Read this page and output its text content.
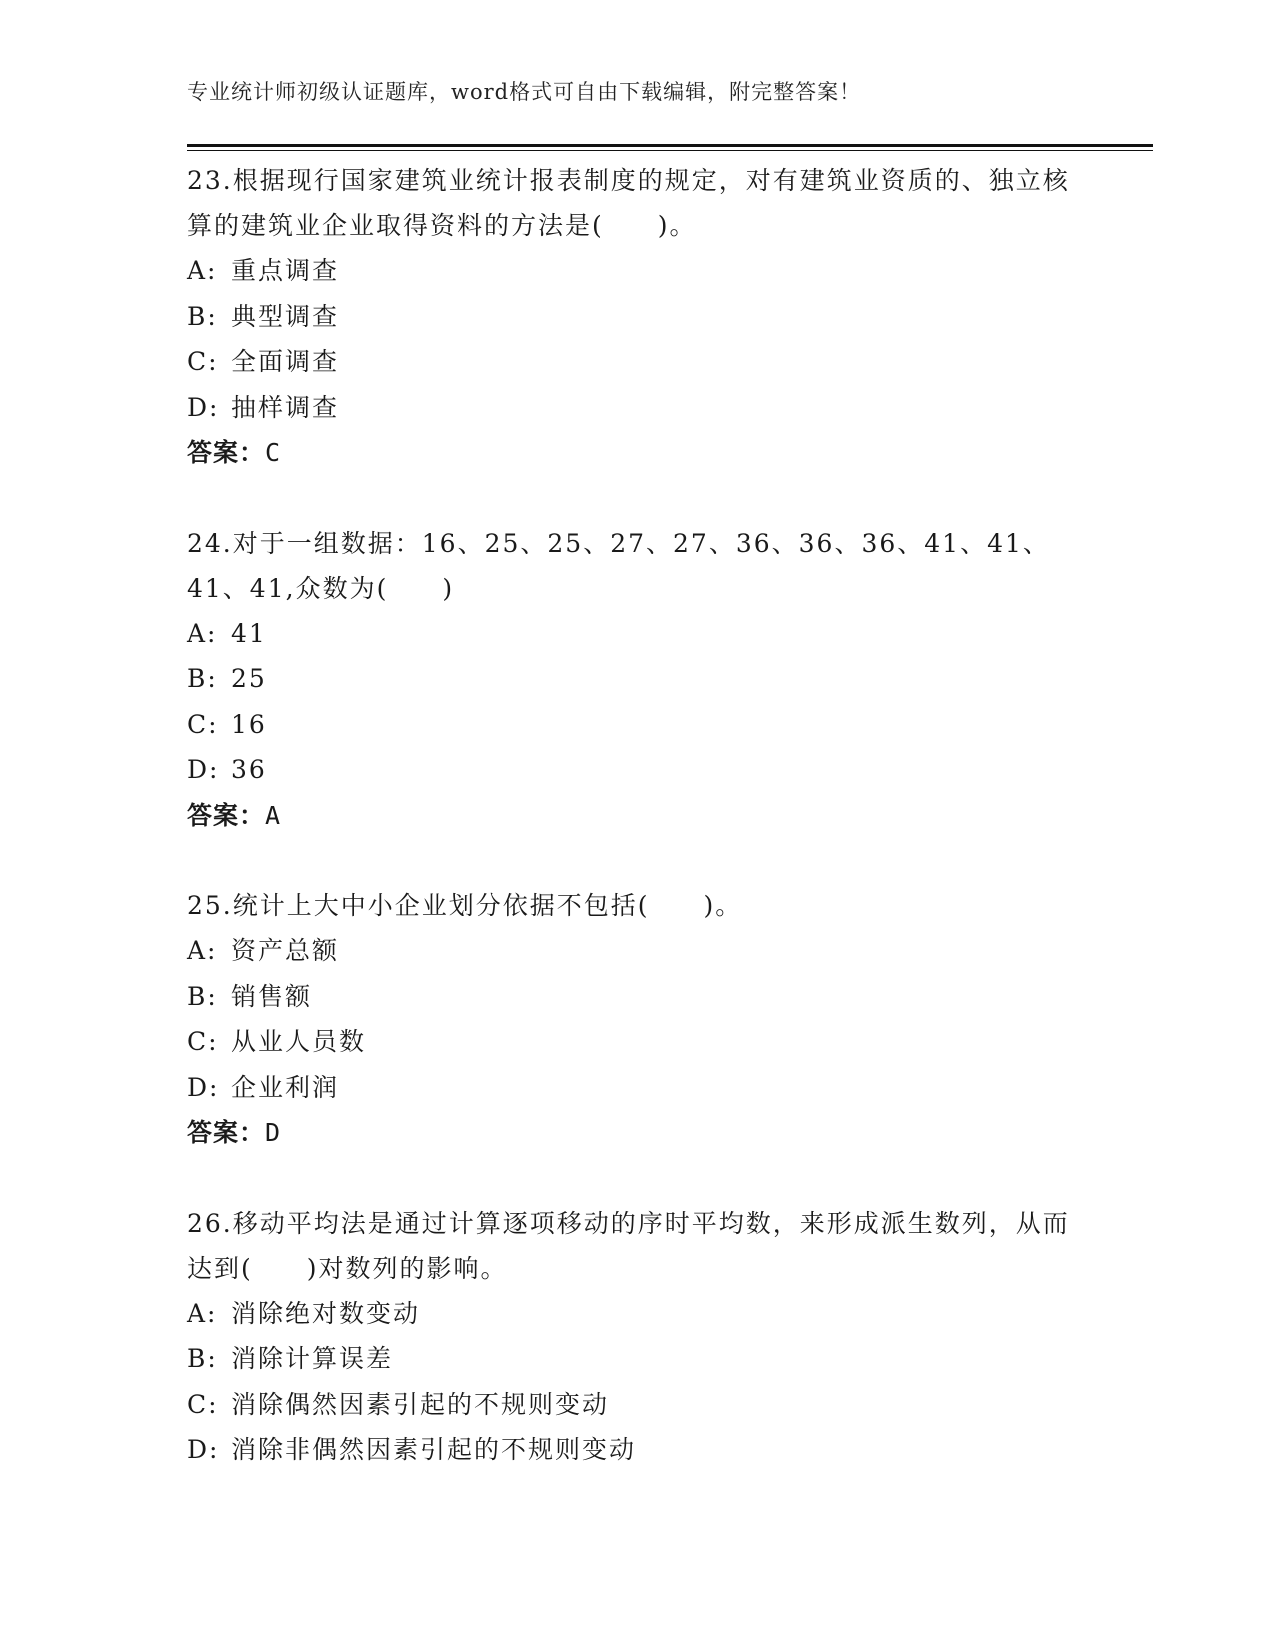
专业统计师初级认证题库，word格式可自由下载编辑，附完整答案！

23.根据现行国家建筑业统计报表制度的规定，对有建筑业资质的、独立核算的建筑业企业取得资料的方法是(　　)。

A: 重点调查
B: 典型调查
C: 全面调查
D: 抽样调查
答案：C

24.对于一组数据：16、25、25、27、27、36、36、36、41、41、41、41,众数为(　　)

A: 41
B: 25
C: 16
D: 36
答案：A

25.统计上大中小企业划分依据不包括(　　)。

A: 资产总额
B: 销售额
C: 从业人员数
D: 企业利润
答案：D

26.移动平均法是通过计算逐项移动的序时平均数，来形成派生数列，从而达到(　　)对数列的影响。

A: 消除绝对数变动
B: 消除计算误差
C: 消除偶然因素引起的不规则变动
D: 消除非偶然因素引起的不规则变动
